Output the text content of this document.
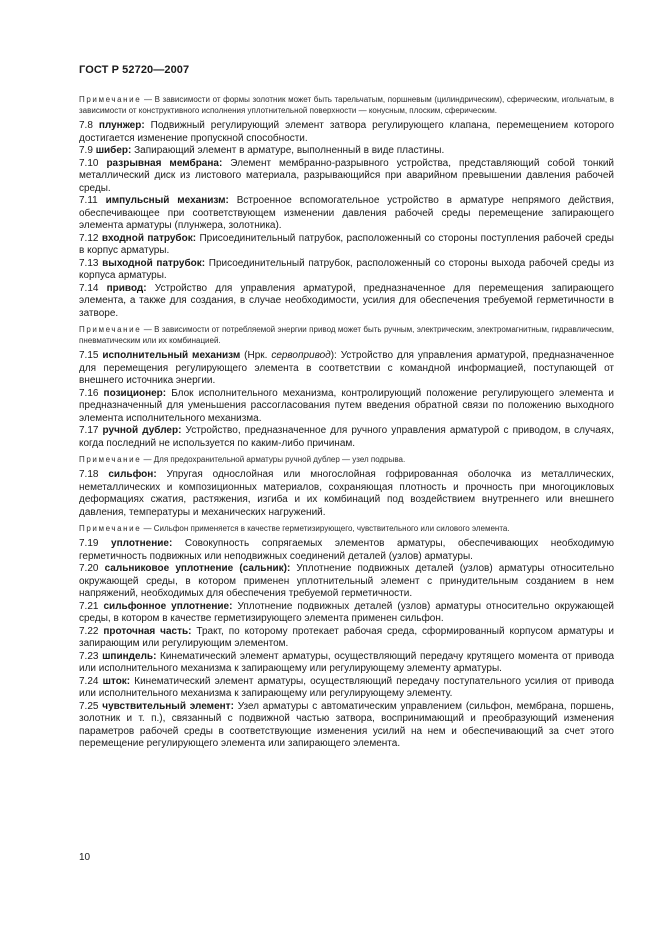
ГОСТ Р 52720—2007

Примечание — В зависимости от формы золотник может быть тарельчатым, поршневым (цилиндрическим), сферическим, игольчатым, в зависимости от конструктивного исполнения уплотнительной поверхности — конусным, плоским, сферическим.

7.8 плунжер: Подвижный регулирующий элемент затвора регулирующего клапана, перемещением которого достигается изменение пропускной способности.

7.9 шибер: Запирающий элемент в арматуре, выполненный в виде пластины.

7.10 разрывная мембрана: Элемент мембранно-разрывного устройства, представляющий собой тонкий металлический диск из листового материала, разрывающийся при аварийном превышении давления рабочей среды.

7.11 импульсный механизм: Встроенное вспомогательное устройство в арматуре непрямого действия, обеспечивающее при соответствующем изменении давления рабочей среды перемещение запирающего элемента арматуры (плунжера, золотника).

7.12 входной патрубок: Присоединительный патрубок, расположенный со стороны поступления рабочей среды в корпус арматуры.

7.13 выходной патрубок: Присоединительный патрубок, расположенный со стороны выхода рабочей среды из корпуса арматуры.

7.14 привод: Устройство для управления арматурой, предназначенное для перемещения запирающего элемента, а также для создания, в случае необходимости, усилия для обеспечения требуемой герметичности в затворе.

Примечание — В зависимости от потребляемой энергии привод может быть ручным, электрическим, электромагнитным, гидравлическим, пневматическим или их комбинацией.

7.15 исполнительный механизм (Нрк. сервопривод): Устройство для управления арматурой, предназначенное для перемещения регулирующего элемента в соответствии с командной информацией, поступающей от внешнего источника энергии.

7.16 позиционер: Блок исполнительного механизма, контролирующий положение регулирующего элемента и предназначенный для уменьшения рассогласования путем введения обратной связи по положению выходного элемента исполнительного механизма.

7.17 ручной дублер: Устройство, предназначенное для ручного управления арматурой с приводом, в случаях, когда последний не используется по каким-либо причинам.

Примечание — Для предохранительной арматуры ручной дублер — узел подрыва.

7.18 сильфон: Упругая однослойная или многослойная гофрированная оболочка из металлических, неметаллических и композиционных материалов, сохраняющая плотность и прочность при многоцикловых деформациях сжатия, растяжения, изгиба и их комбинаций под воздействием внутреннего или внешнего давления, температуры и механических нагружений.

Примечание — Сильфон применяется в качестве герметизирующего, чувствительного или силового элемента.

7.19 уплотнение: Совокупность сопрягаемых элементов арматуры, обеспечивающих необходимую герметичность подвижных или неподвижных соединений деталей (узлов) арматуры.

7.20 сальниковое уплотнение (сальник): Уплотнение подвижных деталей (узлов) арматуры относительно окружающей среды, в котором применен уплотнительный элемент с принудительным созданием в нем напряжений, необходимых для обеспечения требуемой герметичности.

7.21 сильфонное уплотнение: Уплотнение подвижных деталей (узлов) арматуры относительно окружающей среды, в котором в качестве герметизирующего элемента применен сильфон.

7.22 проточная часть: Тракт, по которому протекает рабочая среда, сформированный корпусом арматуры и запирающим или регулирующим элементом.

7.23 шпиндель: Кинематический элемент арматуры, осуществляющий передачу крутящего момента от привода или исполнительного механизма к запирающему или регулирующему элементу арматуры.

7.24 шток: Кинематический элемент арматуры, осуществляющий передачу поступательного усилия от привода или исполнительного механизма к запирающему или регулирующему элементу.

7.25 чувствительный элемент: Узел арматуры с автоматическим управлением (сильфон, мембрана, поршень, золотник и т. п.), связанный с подвижной частью затвора, воспринимающий и преобразующий изменения параметров рабочей среды в соответствующие изменения усилий на нем и обеспечивающий за счет этого перемещение регулирующего элемента или запирающего элемента.

10
